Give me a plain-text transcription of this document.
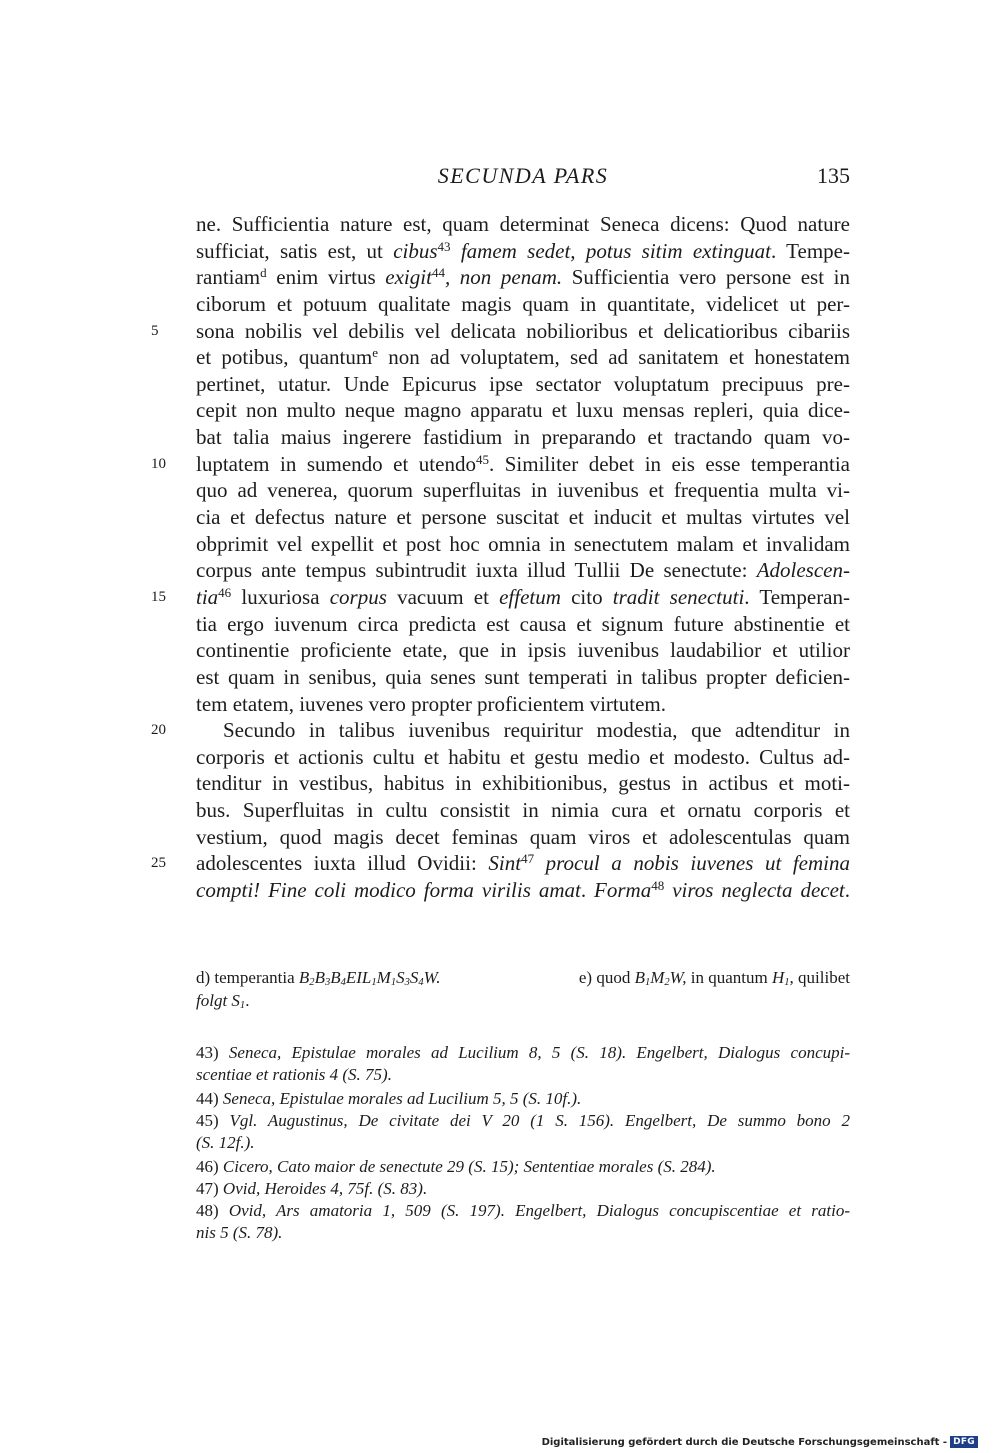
SECUNDA PARS	135
ne. Sufficientia nature est, quam determinat Seneca dicens: Quod nature
sufficiat, satis est, ut cibus$^{43}$ famem sedet, potus sitim extinguat. Tempe-
rantiam$^d$ enim virtus exigit$^{44}$, non penam. Sufficientia vero persone est in
ciborum et potuum qualitate magis quam in quantitate, videlicet ut per-
5	sona nobilis vel debilis vel delicata nobilioribus et delicatioribus cibariis
et potibus, quantum$^e$ non ad voluptatem, sed ad sanitatem et honestatem
pertinet, utatur. Unde Epicurus ipse sectator voluptatum precipuus pre-
cepit non multo neque magno apparatu et luxu mensas repleri, quia dice-
bat talia maius ingerere fastidium in preparando et tractando quam vo-
10	luptatem in sumendo et utendo$^{45}$. Similiter debet in eis esse temperantia
quo ad venerea, quorum superfluitas in iuvenibus et frequentia multa vi-
cia et defectus nature et persone suscitat et inducit et multas virtutes vel
obprimit vel expellit et post hoc omnia in senectutem malam et invalidam
corpus ante tempus subintrudit iuxta illud Tullii De senectute: Adolescen-
15	tia$^{46}$ luxuriosa corpus vacuum et effetum cito tradit senectuti. Temperan-
tia ergo iuvenum circa predicta est causa et signum future abstinentie et
continentie proficiente etate, que in ipsis iuvenibus laudabilior et utilior
est quam in senibus, quia senes sunt temperati in talibus propter deficien-
tem etatem, iuvenes vero propter proficientem virtutem.
20	Secundo in talibus iuvenibus requiritur modestia, que adtenditur in
corporis et actionis cultu et habitu et gestu medio et modesto. Cultus ad-
tenditur in vestibus, habitus in exhibitionibus, gestus in actibus et moti-
bus. Superfluitas in cultu consistit in nimia cura et ornatu corporis et
vestium, quod magis decet feminas quam viros et adolescentulas quam
25	adolescentes iuxta illud Ovidii: Sint$^{47}$ procul a nobis iuvenes ut femina
compti! Fine coli modico forma virilis amat. Forma$^{48}$ viros neglecta decet.
d) temperantia $B_2B_3B_4EIL_1M_1S_3S_4W$.	e) quod $B_1M_2W$, in quantum $H_1$, quilibet
folgt $S_1$.
43) Seneca, Epistulae morales ad Lucilium 8, 5 (S. 18). Engelbert, Dialogus concupi-
scentiae et rationis 4 (S. 75).
44) Seneca, Epistulae morales ad Lucilium 5, 5 (S. 10f.).
45) Vgl. Augustinus, De civitate dei V 20 (1 S. 156). Engelbert, De summo bono 2
(S. 12f.).
46) Cicero, Cato maior de senectute 29 (S. 15); Sententiae morales (S. 284).
47) Ovid, Heroides 4, 75f. (S. 83).
48) Ovid, Ars amatoria 1, 509 (S. 197). Engelbert, Dialogus concupiscentiae et ratio-
nis 5 (S. 78).
Digitalisierung gefördert durch die Deutsche Forschungsgemeinschaft - DFG
